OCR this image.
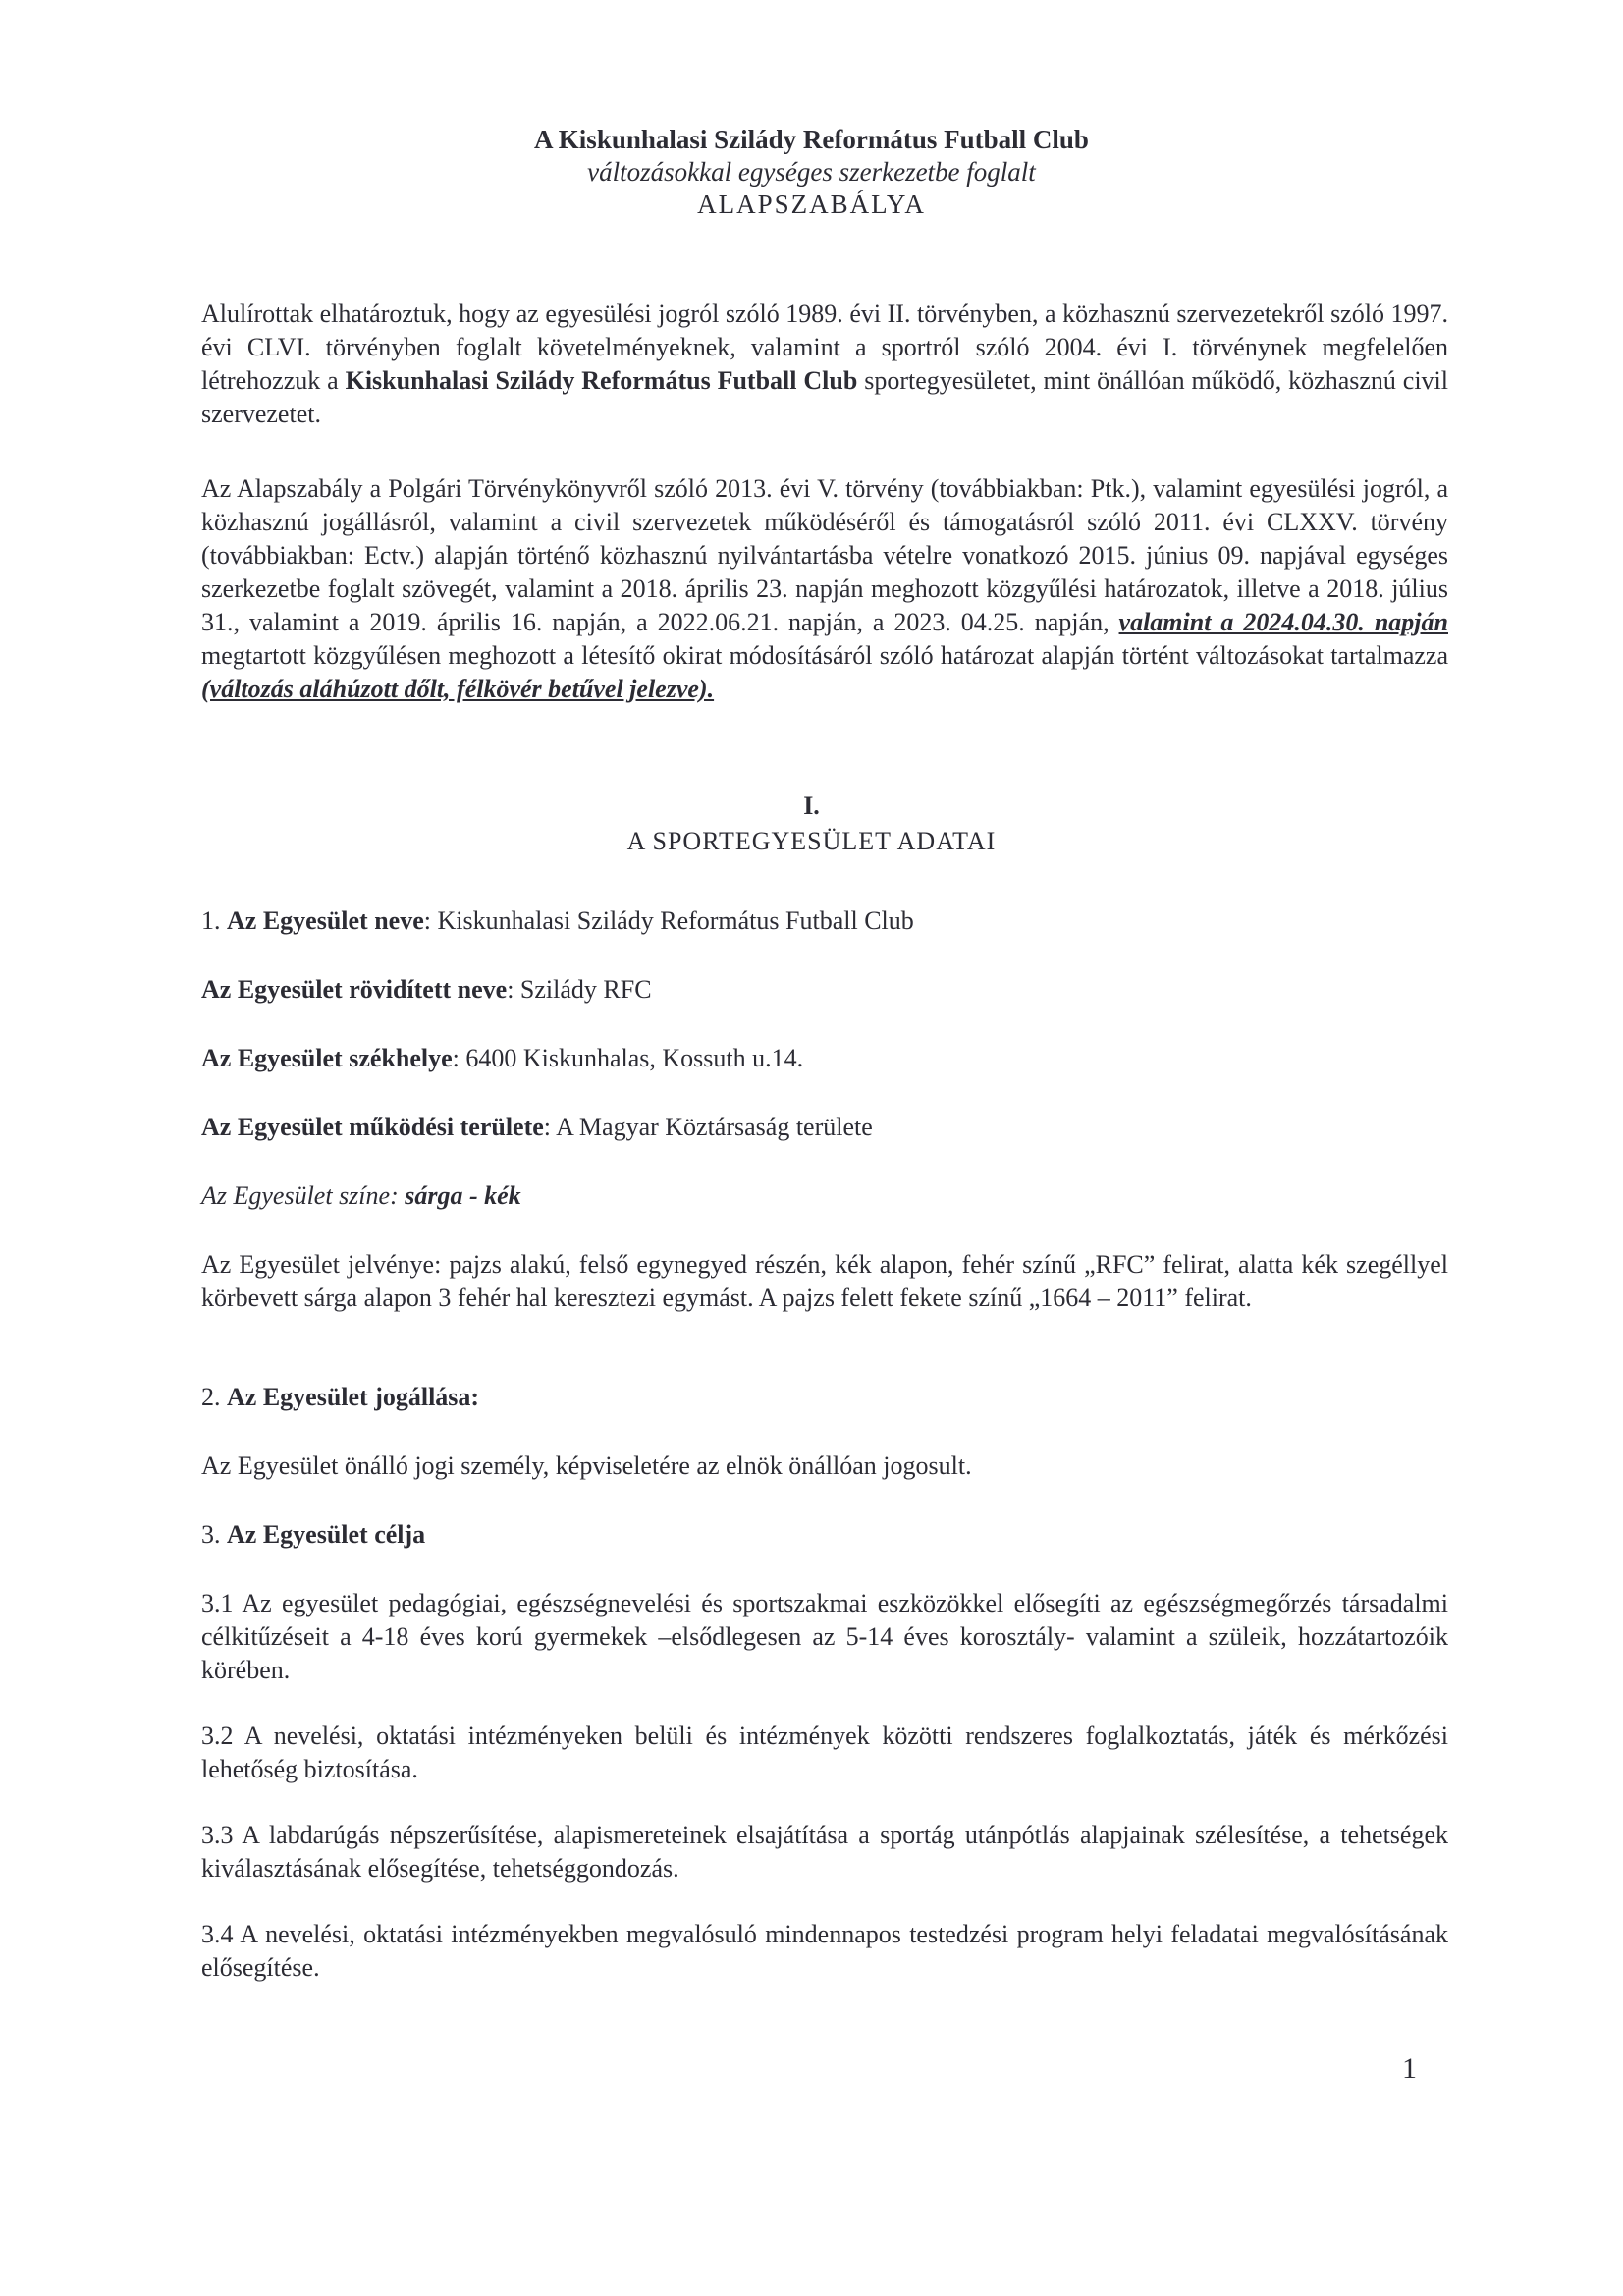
A Kiskunhalasi Szilády Református Futball Club
változásokkal egységes szerkezetbe foglalt
ALAPSZABÁLYA
Alulírottak elhatároztuk, hogy az egyesülési jogról szóló 1989. évi II. törvényben, a közhasznú szervezetekről szóló 1997. évi CLVI. törvényben foglalt követelményeknek, valamint a sportról szóló 2004. évi I. törvénynek megfelelően létrehozzuk a Kiskunhalasi Szilády Református Futball Club sportegyesületet, mint önállóan működő, közhasznú civil szervezetet.
Az Alapszabály a Polgári Törvénykönyvről szóló 2013. évi V. törvény (továbbiakban: Ptk.), valamint egyesülési jogról, a közhasznú jogállásról, valamint a civil szervezetek működéséről és támogatásról szóló 2011. évi CLXXV. törvény (továbbiakban: Ectv.) alapján történő közhasznú nyilvántartásba vételre vonatkozó 2015. június 09. napjával egységes szerkezetbe foglalt szövegét, valamint a 2018. április 23. napján meghozott közgyűlési határozatok, illetve a 2018. július 31., valamint a 2019. április 16. napján, a 2022.06.21. napján, a 2023. 04.25. napján, valamint a 2024.04.30. napján megtartott közgyűlésen meghozott a létesítő okirat módosításáról szóló határozat alapján történt változásokat tartalmazza (változás aláhúzott dőlt, félkövér betűvel jelezve).
I.
A SPORTEGYESÜLET ADATAI
1. Az Egyesület neve: Kiskunhalasi Szilády Református Futball Club
Az Egyesület rövidített neve: Szilády RFC
Az Egyesület székhelye: 6400 Kiskunhalas, Kossuth u.14.
Az Egyesület működési területe: A Magyar Köztársaság területe
Az Egyesület színe: sárga - kék
Az Egyesület jelvénye: pajzs alakú, felső egynegyed részén, kék alapon, fehér színű „RFC” felirat, alatta kék szegéllyel körbevett sárga alapon 3 fehér hal keresztezi egymást. A pajzs felett fekete színű „1664 – 2011” felirat.
2. Az Egyesület jogállása:
Az Egyesület önálló jogi személy, képviseletére az elnök önállóan jogosult.
3. Az Egyesület célja
3.1 Az egyesület pedagógiai, egészségnevelési és sportszakmai eszközökkel elősegíti az egészségmegőrzés társadalmi célkitűzéseit a 4-18 éves korú gyermekek –elsődlegesen az 5-14 éves korosztály- valamint a szüleik, hozzátartozóik körében.
3.2 A nevelési, oktatási intézményeken belüli és intézmények közötti rendszeres foglalkoztatás, játék és mérkőzési lehetőség biztosítása.
3.3 A labdarúgás népszerűsítése, alapismereteinek elsajátítása a sportág utánpótlás alapjainak szélesítése, a tehetségek kiválasztásának elősegítése, tehetséggondozás.
3.4 A nevelési, oktatási intézményekben megvalósuló mindennapos testedzési program helyi feladatai megvalósításának elősegítése.
1
